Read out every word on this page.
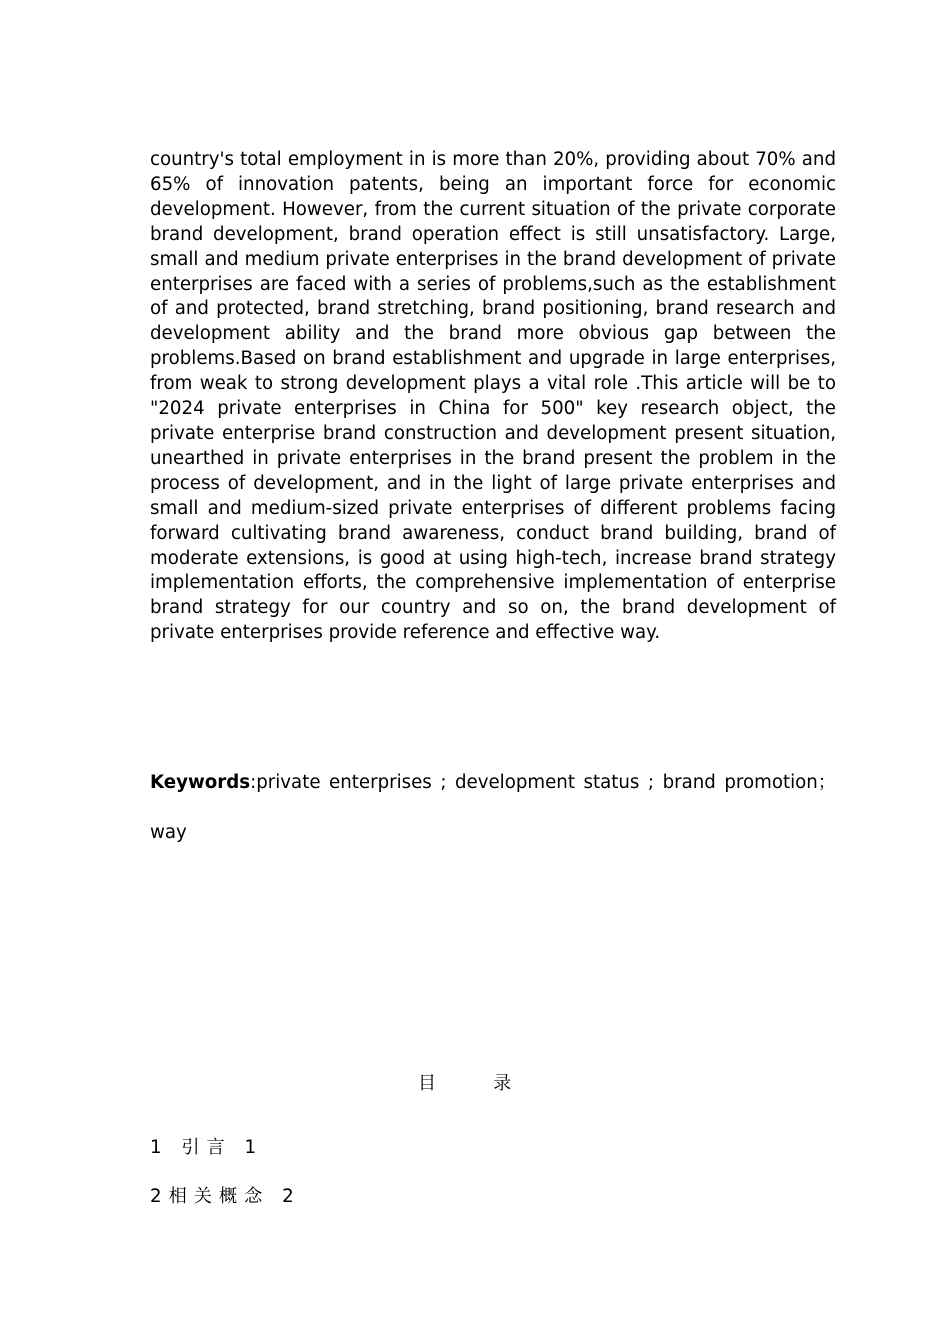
country's total employment in is more than 20%, providing about 70% and 65% of innovation patents, being an important force for economic development. However, from the current situation of the private corporate brand development, brand operation effect is still unsatisfactory. Large, small and medium private enterprises in the brand development of private enterprises are faced with a series of problems,such as the establishment of and protected, brand stretching, brand positioning, brand research and development ability and the brand more obvious gap between the problems.Based on brand establishment and upgrade in large enterprises, from weak to strong development plays a vital role .This article will be to "2024 private enterprises in China for 500" key research object, the private enterprise brand construction and development present situation, unearthed in private enterprises in the brand present the problem in the process of development, and in the light of large private enterprises and small and medium-sized private enterprises of different problems facing forward cultivating brand awareness, conduct brand building, brand of moderate extensions, is good at using high-tech, increase brand strategy implementation efforts, the comprehensive implementation of enterprise brand strategy for our country and so on, the brand development of private enterprises provide reference and effective way.

Keywords:private enterprises ; development status ; brand promotion； way

目          录
1 引言 1
2相关概念 2
